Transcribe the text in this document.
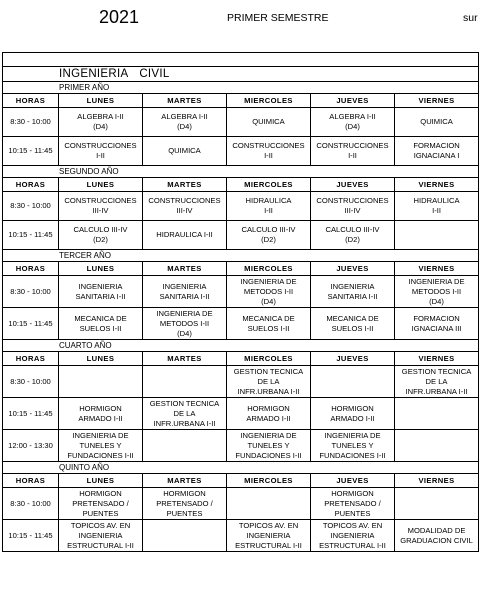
2021	PRIMER SEMESTRE	sur

INGENIERIA CIVIL					
PRIMER AÑO					
HORAS	LUNES	MARTES	MIERCOLES	JUEVES	VIERNES

8:30 - 10:00	ALGEBRA I-II
(D4)	ALGEBRA I-II
(D4)	QUIMICA	ALGEBRA I-II
(D4)	QUIMICA

10:15 - 11:45	CONSTRUCCIONES
I-II	QUIMICA	CONSTRUCCIONES
I-II	CONSTRUCCIONES
I-II	FORMACION
IGNACIANA I

SEGUNDO AÑO					
HORAS	LUNES	MARTES	MIERCOLES	JUEVES	VIERNES

8:30 - 10:00	CONSTRUCCIONES
III-IV	CONSTRUCCIONES
III-IV	HIDRAULICA
I-II	CONSTRUCCIONES
III-IV	HIDRAULICA
I-II

10:15 - 11:45	CALCULO III-IV
(D2)	HIDRAULICA I-II	CALCULO III-IV
(D2)	CALCULO III-IV
(D2)	

TERCER AÑO					
HORAS	LUNES	MARTES	MIERCOLES	JUEVES	VIERNES

8:30 - 10:00	INGENIERIA
SANITARIA I-II	INGENIERIA
SANITARIA I-II	INGENIERIA DE
METODOS I-II
(D4)	INGENIERIA
SANITARIA I-II	INGENIERIA DE
METODOS I-II
(D4)

10:15 - 11:45	MECANICA DE
SUELOS I-II	INGENIERIA DE
METODOS I-II
(D4)	MECANICA DE
SUELOS I-II	MECANICA DE
SUELOS I-II	FORMACION
IGNACIANA III

CUARTO AÑO					
HORAS	LUNES	MARTES	MIERCOLES	JUEVES	VIERNES

8:30 - 10:00			GESTION TECNICA
DE LA
INFR.URBANA I-II		GESTION TECNICA
DE LA
INFR.URBANA I-II

10:15 - 11:45	HORMIGON
ARMADO I-II	GESTION TECNICA
DE LA
INFR.URBANA I-II	HORMIGON
ARMADO I-II	HORMIGON
ARMADO I-II	

12:00 - 13:30	INGENIERIA DE
TUNELES Y
FUNDACIONES I-II		INGENIERIA DE
TUNELES Y
FUNDACIONES I-II	INGENIERIA DE
TUNELES Y
FUNDACIONES I-II	

QUINTO AÑO					
HORAS	LUNES	MARTES	MIERCOLES	JUEVES	VIERNES

8:30 - 10:00	HORMIGON
PRETENSADO /
PUENTES	HORMIGON
PRETENSADO /
PUENTES		HORMIGON
PRETENSADO /
PUENTES	

10:15 - 11:45	TOPICOS AV. EN
INGENIERIA
ESTRUCTURAL I-II		TOPICOS AV. EN
INGENIERIA
ESTRUCTURAL I-II	TOPICOS AV. EN
INGENIERIA
ESTRUCTURAL I-II	MODALIDAD DE
GRADUACION CIVIL
